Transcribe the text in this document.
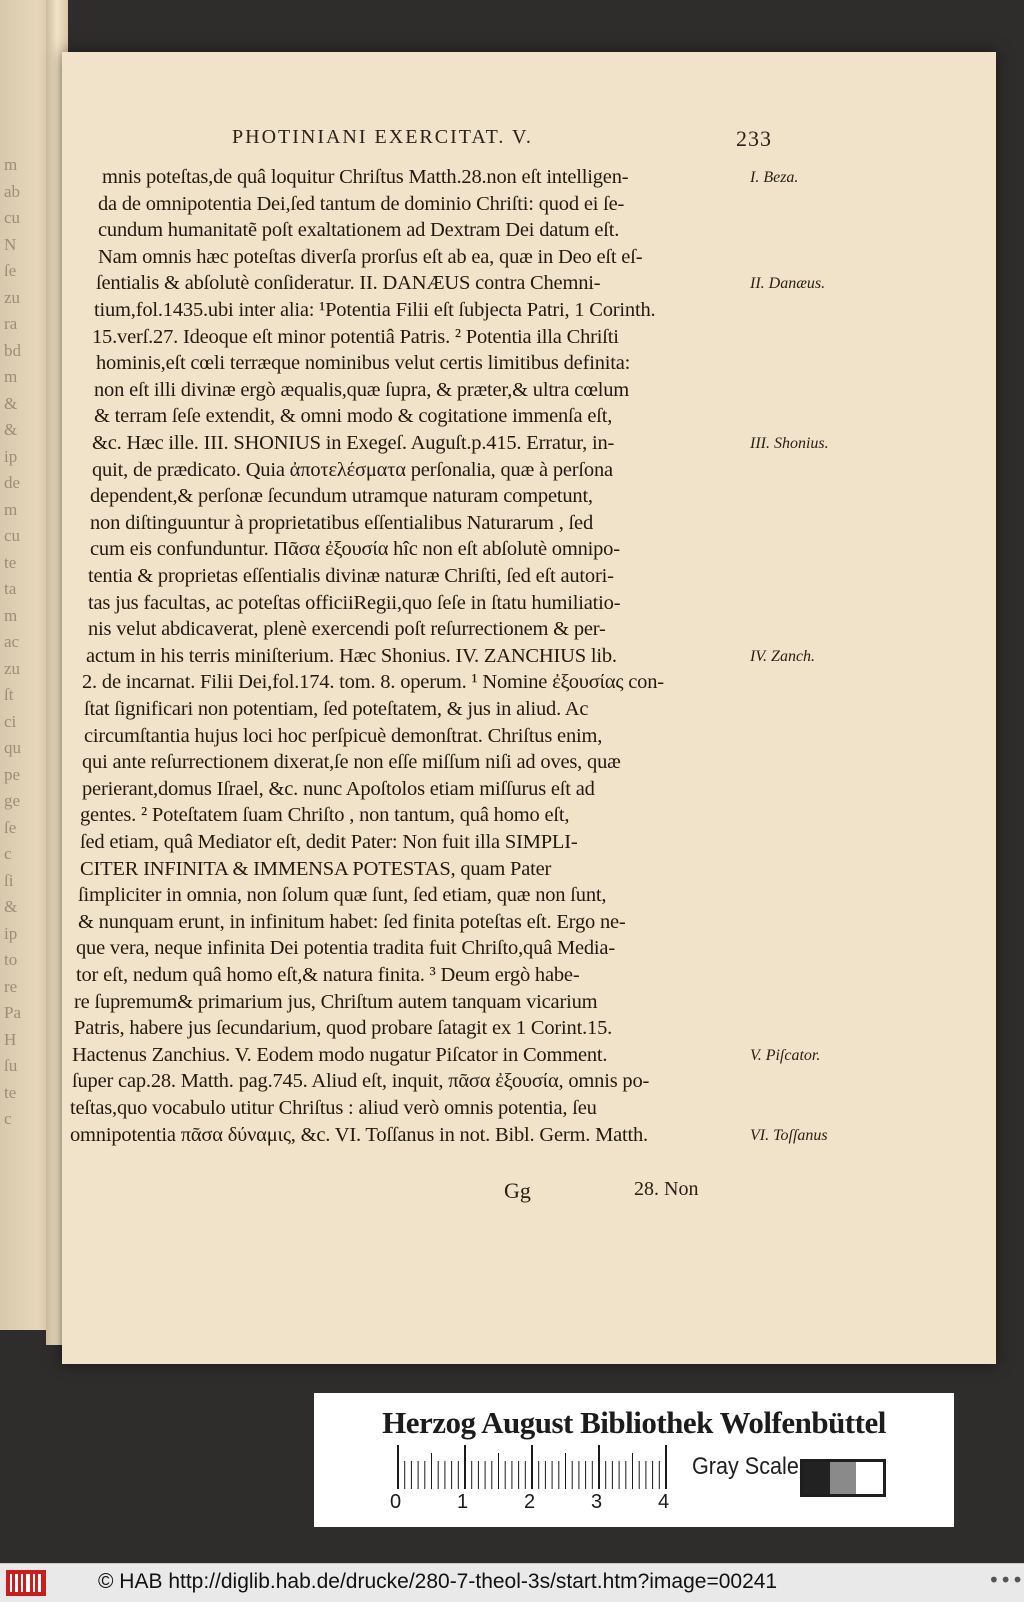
m
ab
cu
N
ſe
zu
ra
bd
m
&
&
ip
de
m
cu
te
ta
m
ac
zu
ſt
ci
qu
pe
ge
ſe
c
ſi
&
ip
to
re
Pa
H
ſu
te
c
PHOTINIANI EXERCITAT. V.	233
mnis poteſtas,de quâ loquitur Chriſtus Matth.28.non eſt intelligen-
da de omnipotentia Dei,ſed tantum de dominio Chriſti: quod ei ſe-
cundum humanitatẽ poſt exaltationem ad Dextram Dei datum eſt.
Nam omnis hæc poteſtas diverſa prorſus eſt ab ea, quæ in Deo eſt eſ-
ſentialis & abſolutè conſideratur. II. DANÆUS contra Chemni-
tium,fol.1435.ubi inter alia: ¹Potentia Filii eſt ſubjecta Patri, 1 Corinth.
15.verſ.27. Ideoque eſt minor potentiâ Patris. ² Potentia illa Chriſti
hominis,eſt cœli terræque nominibus velut certis limitibus definita:
non eſt illi divinæ ergò æqualis,quæ ſupra, & præter,& ultra cœlum
& terram ſeſe extendit, & omni modo & cogitatione immenſa eſt,
&c. Hæc ille. III. SHONIUS in Exegeſ. Auguſt.p.415. Erratur, in-
quit, de prædicato. Quia ἀποτελέσματα perſonalia, quæ à perſona
dependent,& perſonæ ſecundum utramque naturam competunt,
non diſtinguuntur à proprietatibus eſſentialibus Naturarum , ſed
cum eis confunduntur. Πᾶσα ἐξουσία hîc non eſt abſolutè omnipo-
tentia & proprietas eſſentialis divinæ naturæ Chriſti, ſed eſt autori-
tas jus facultas, ac poteſtas officiiRegii,quo ſeſe in ſtatu humiliatio-
nis velut abdicaverat, plenè exercendi poſt reſurrectionem & per-
actum in his terris miniſterium. Hæc Shonius. IV. ZANCHIUS lib.
2. de incarnat. Filii Dei,fol.174. tom. 8. operum. ¹ Nomine ἐξουσίας con-
ſtat ſignificari non potentiam, ſed poteſtatem, & jus in aliud. Ac
circumſtantia hujus loci hoc perſpicuè demonſtrat. Chriſtus enim,
qui ante reſurrectionem dixerat,ſe non eſſe miſſum niſi ad oves, quæ
perierant,domus Iſrael, &c. nunc Apoſtolos etiam miſſurus eſt ad
gentes. ² Poteſtatem ſuam Chriſto , non tantum, quâ homo eſt,
ſed etiam, quâ Mediator eſt, dedit Pater: Non fuit illa SIMPLI-
CITER INFINITA & IMMENSA POTESTAS, quam Pater
ſimpliciter in omnia, non ſolum quæ ſunt, ſed etiam, quæ non ſunt,
& nunquam erunt, in infinitum habet: ſed finita poteſtas eſt. Ergo ne-
que vera, neque infinita Dei potentia tradita fuit Chriſto,quâ Media-
tor eſt, nedum quâ homo eſt,& natura finita. ³ Deum ergò habe-
re ſupremum& primarium jus, Chriſtum autem tanquam vicarium
Patris, habere jus ſecundarium, quod probare ſatagit ex 1 Corint.15.
Hactenus Zanchius. V. Eodem modo nugatur Piſcator in Comment.
ſuper cap.28. Matth. pag.745. Aliud eſt, inquit, πᾶσα ἐξουσία, omnis po-
teſtas,quo vocabulo utitur Chriſtus : aliud verò omnis potentia, ſeu
omnipotentia πᾶσα δύναμις, &c. VI. Toſſanus in not. Bibl. Germ. Matth.
I. Beza.
II. Danæus.
III. Shonius.
IV. Zanch.
V. Piſcator.
VI. Toſſanus
Gg	28. Non
Herzog August Bibliothek Wolfenbüttel
0	1	2	3	4
Gray Scale
© HAB http://diglib.hab.de/drucke/280-7-theol-3s/start.htm?image=00241	•••
